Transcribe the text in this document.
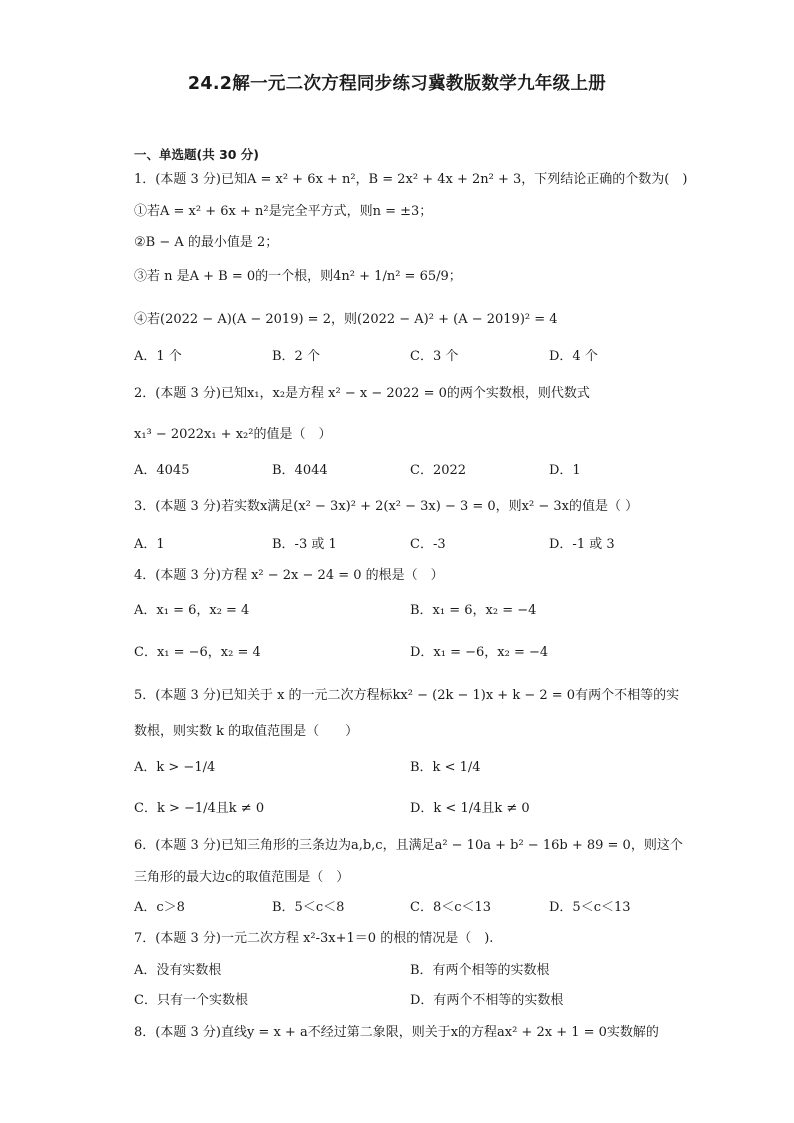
24.2解一元二次方程同步练习冀教版数学九年级上册
一、单选题(共 30 分)
1．(本题 3 分)已知A = x² + 6x + n²，B = 2x² + 4x + 2n² + 3，下列结论正确的个数为(　)
①若A = x² + 6x + n²是完全平方式，则n = ±3；
②B − A 的最小值是 2；
③若 n 是A + B = 0的一个根，则4n² + 1/n² = 65/9；
④若(2022 − A)(A − 2019) = 2，则(2022 − A)² + (A − 2019)² = 4
A．1 个	B．2 个	C．3 个	D．4 个
2．(本题 3 分)已知x₁，x₂是方程 x² − x − 2022 = 0的两个实数根，则代数式
x₁³ − 2022x₁ + x₂²的值是（　）
A．4045	B．4044	C．2022	D．1
3．(本题 3 分)若实数x满足(x² − 3x)² + 2(x² − 3x) − 3 = 0，则x² − 3x的值是（ ）
A．1	B．-3 或 1	C．-3	D．-1 或 3
4．(本题 3 分)方程 x² − 2x − 24 = 0 的根是（　）
A．x₁ = 6，x₂ = 4	B．x₁ = 6，x₂ = −4
C．x₁ = −6，x₂ = 4	D．x₁ = −6，x₂ = −4
5．(本题 3 分)已知关于 x 的一元二次方程标kx² − (2k − 1)x + k − 2 = 0有两个不相等的实
数根，则实数 k 的取值范围是（　　）
A．k > −1/4	B．k < 1/4
C．k > −1/4且k ≠ 0	D．k < 1/4且k ≠ 0
6．(本题 3 分)已知三角形的三条边为a,b,c，且满足a² − 10a + b² − 16b + 89 = 0，则这个
三角形的最大边c的取值范围是（　）
A．c＞8	B．5＜c＜8	C．8＜c＜13	D．5＜c＜13
7．(本题 3 分)一元二次方程 x²-3x+1＝0 的根的情况是（　).
A．没有实数根	B．有两个相等的实数根
C．只有一个实数根	D．有两个不相等的实数根
8．(本题 3 分)直线y = x + a不经过第二象限，则关于x的方程ax² + 2x + 1 = 0实数解的
